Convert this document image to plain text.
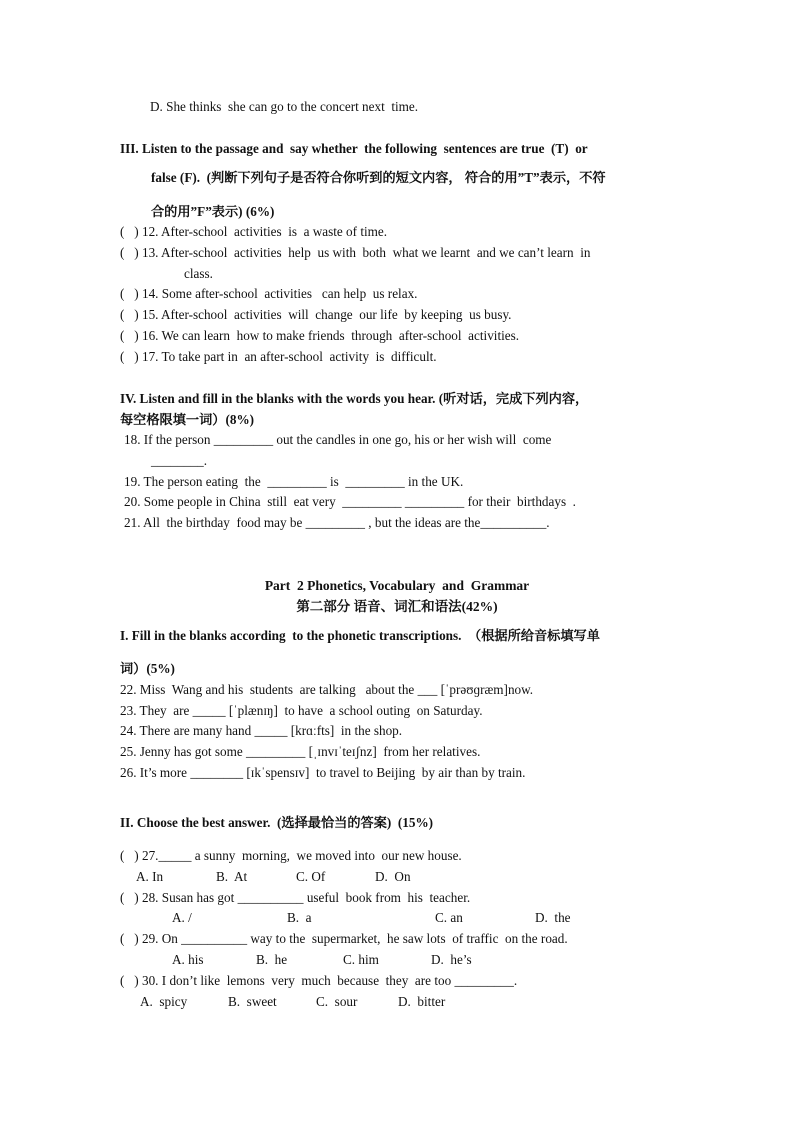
D. She thinks  she can go to the concert next  time.
III. Listen to the passage and  say whether  the following  sentences are true  (T)  or
false (F).  (判断下列句子是否符合你听到的短文内容， 符合的用”T”表示，不符
合的用”F”表示) (6%)
(   ) 12. After-school  activities  is  a waste of time.
(   ) 13. After-school  activities  help  us with  both  what we learnt  and we can’t learn  in
class.
(   ) 14. Some after-school  activities   can help  us relax.
(   ) 15. After-school  activities  will  change  our life  by keeping  us busy.
(   ) 16. We can learn  how to make friends  through  after-school  activities.
(   ) 17. To take part in  an after-school  activity  is  difficult.
IV. Listen and fill in the blanks with the words you hear. (听对话，完成下列内容，
每空格限填一词）(8%)
18. If the person _________ out the candles in one go, his or her wish will  come
________.
19. The person eating  the  _________ is  _________ in the UK.
20. Some people in China  still  eat very  _________ _________ for their  birthdays  .
21. All  the birthday  food may be _________ , but the ideas are the__________.
Part  2 Phonetics, Vocabulary  and  Grammar
第二部分 语音、词汇和语法(42%)
I. Fill in the blanks according  to the phonetic transcriptions.  （根据所给音标填写单
词）(5%)
22. Miss  Wang and his  students  are talking   about the ___ [ˈprəʊɡræm]now.
23. They  are _____ [ˈplænɪŋ]  to have  a school outing  on Saturday.
24. There are many hand _____ [krɑːfts]  in the shop.
25. Jenny has got some _________ [ˌɪnvɪˈteɪʃnz]  from her relatives.
26. It’s more ________ [ɪkˈspensɪv]  to travel to Beijing  by air than by train.
II. Choose the best answer.  (选择最恰当的答案)  (15%)
(   ) 27._____ a sunny  morning,  we moved into  our new house.
A. In	B.  At	C. Of	D.  On
(   ) 28. Susan has got __________ useful  book from  his  teacher.
A. /	B.  a	C. an	D.  the
(   ) 29. On __________ way to the  supermarket,  he saw lots  of traffic  on the road.
A. his	B.  he	C. him	D.  he’s
(   ) 30. I don’t like  lemons  very  much  because  they  are too _________.
A.  spicy	B.  sweet	C.  sour	D.  bitter
